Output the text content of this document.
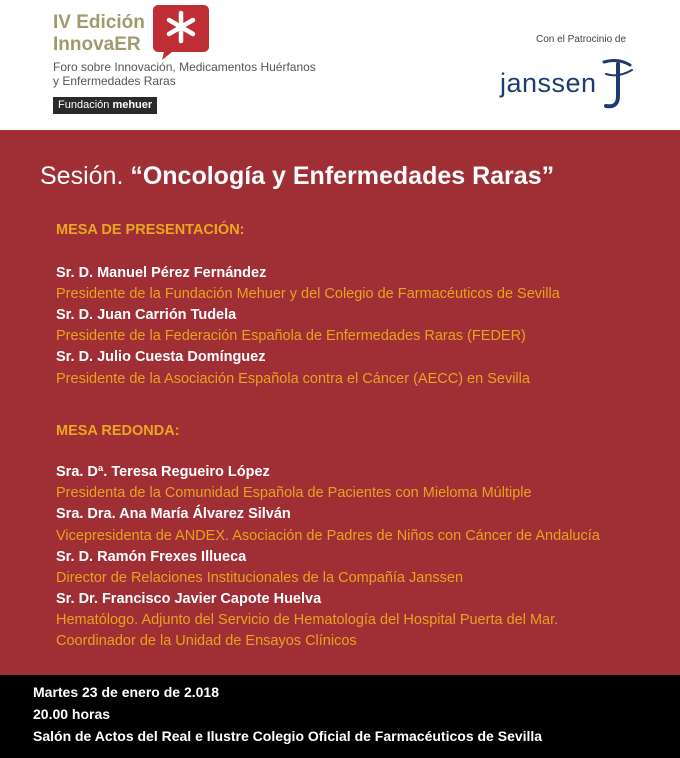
IV Edición
InnovaER
Foro sobre Innovación, Medicamentos Huérfanos
y Enfermedades Raras
Fundación mehuer
Con el Patrocinio de
janssen
Sesión. “Oncología y Enfermedades Raras”
MESA DE PRESENTACIÓN:
Sr. D. Manuel Pérez Fernández
Presidente de la Fundación Mehuer y del Colegio de Farmacéuticos de Sevilla
Sr. D. Juan Carrión Tudela
Presidente de la Federación Española de Enfermedades Raras (FEDER)
Sr. D. Julio Cuesta Domínguez
Presidente de la Asociación Española contra el Cáncer (AECC) en Sevilla
MESA REDONDA:
Sra. Dª. Teresa Regueiro López
Presidenta de la Comunidad Española de Pacientes con Mieloma Múltiple
Sra. Dra. Ana María Álvarez Silván
Vicepresidenta de ANDEX. Asociación de Padres de Niños con Cáncer de Andalucía
Sr. D. Ramón Frexes Illueca
Director de Relaciones Institucionales de la Compañía Janssen
Sr. Dr. Francisco Javier Capote Huelva
Hematólogo. Adjunto del Servicio de Hematología del Hospital Puerta del Mar.
Coordinador de la Unidad de Ensayos Clínicos
Martes 23 de enero de 2.018
20.00 horas
Salón de Actos del Real e Ilustre Colegio Oficial de Farmacéuticos de Sevilla
